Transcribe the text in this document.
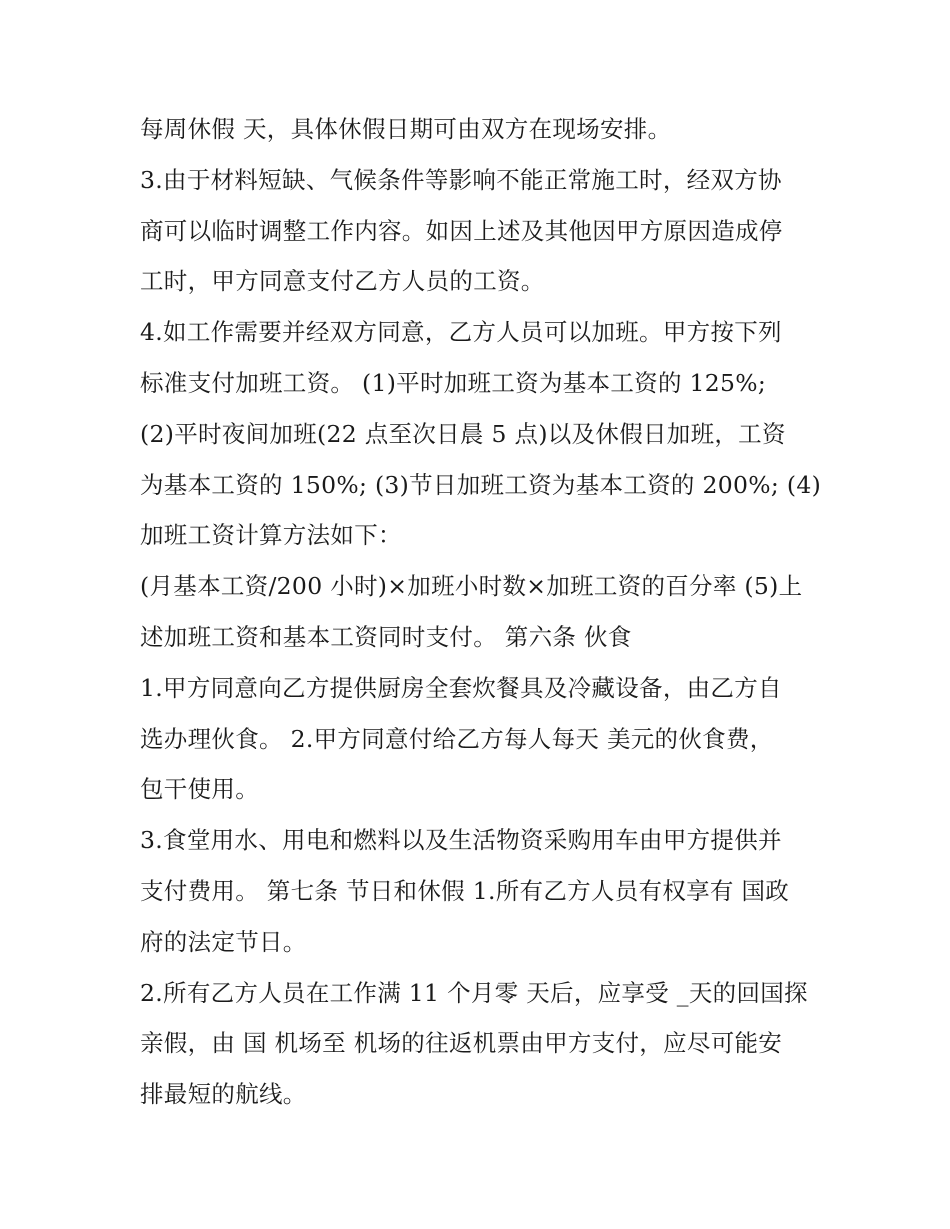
每周休假 天，具体休假日期可由双方在现场安排。
3.由于材料短缺、气候条件等影响不能正常施工时，经双方协
商可以临时调整工作内容。如因上述及其他因甲方原因造成停
工时，甲方同意支付乙方人员的工资。
4.如工作需要并经双方同意，乙方人员可以加班。甲方按下列
标准支付加班工资。 (1)平时加班工资为基本工资的 125%;
(2)平时夜间加班(22 点至次日晨 5 点)以及休假日加班，工资
为基本工资的 150%; (3)节日加班工资为基本工资的 200%; (4)
加班工资计算方法如下：
(月基本工资/200 小时)×加班小时数×加班工资的百分率 (5)上
述加班工资和基本工资同时支付。 第六条 伙食
1.甲方同意向乙方提供厨房全套炊餐具及冷藏设备，由乙方自
选办理伙食。 2.甲方同意付给乙方每人每天 美元的伙食费，
包干使用。
3.食堂用水、用电和燃料以及生活物资采购用车由甲方提供并
支付费用。 第七条 节日和休假 1.所有乙方人员有权享有 国政
府的法定节日。
2.所有乙方人员在工作满 11 个月零 天后，应享受 _天的回国探
亲假，由 国 机场至 机场的往返机票由甲方支付，应尽可能安
排最短的航线。
